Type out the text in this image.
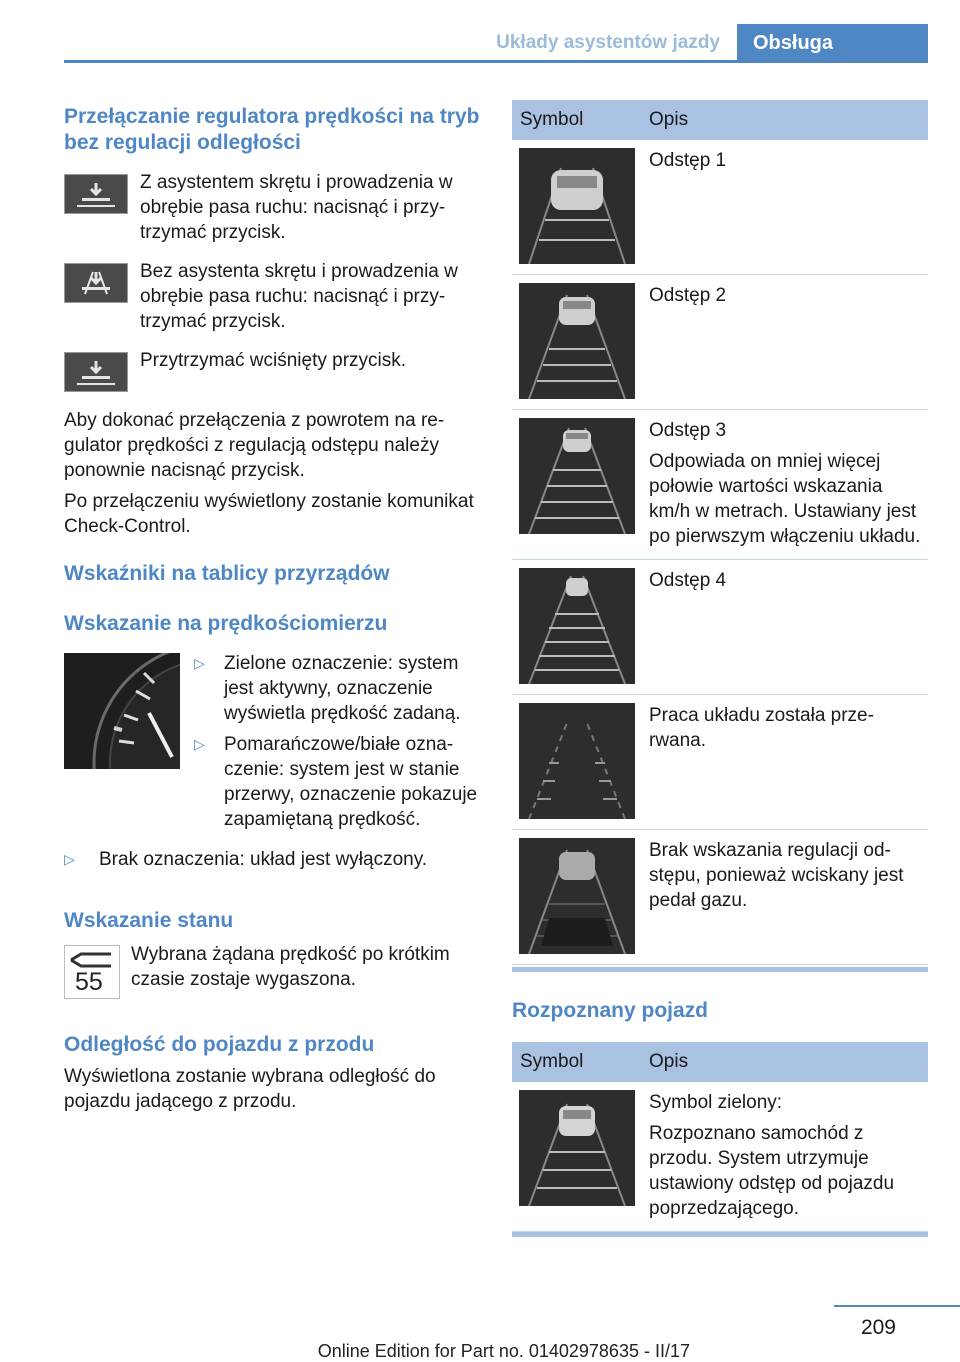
Układy asystentów jazdy	Obsługa
Przełączanie regulatora prędkości na tryb bez regulacji odległości

Z asystentem skrętu i prowadzenia w obrębie pasa ruchu: nacisnąć i przytrzymać przycisk.

Bez asystenta skrętu i prowadzenia w obrębie pasa ruchu: nacisnąć i przytrzymać przycisk.

Przytrzymać wciśnięty przycisk.

Aby dokonać przełączenia z powrotem na regulator prędkości z regulacją odstępu należy ponownie nacisnąć przycisk.

Po przełączeniu wyświetlony zostanie komunikat Check-Control.

Wskaźniki na tablicy przyrządów
Wskazanie na prędkościomierzu
▷ Zielone oznaczenie: system jest aktywny, oznaczenie wyświetla prędkość zadaną.
▷ Pomarańczowe/białe oznaczenie: system jest w stanie przerwy, oznaczenie pokazuje zapamiętaną prędkość.
▷ Brak oznaczenia: układ jest wyłączony.
Wskazanie stanu
55

Wybrana żądana prędkość po krótkim czasie zostaje wygaszona.

Odległość do pojazdu z przodu

Wyświetlona zostanie wybrana odległość do pojazdu jadącego z przodu.

Symbol	Opis

Odstęp 1

Odstęp 2

Odstęp 3

Odpowiada on mniej więcej połowie wartości wskazania km/h w metrach. Ustawiany jest po pierwszym włączeniu układu.

Odstęp 4

Praca układu została przerwana.

Brak wskazania regulacji odstępu, ponieważ wciskany jest pedał gazu.

Rozpoznany pojazd
Symbol	Opis

Symbol zielony:

Rozpoznano samochód z przodu. System utrzymuje ustawiony odstęp od pojazdu poprzedzającego.

209
Online Edition for Part no. 01402978635 - II/17
